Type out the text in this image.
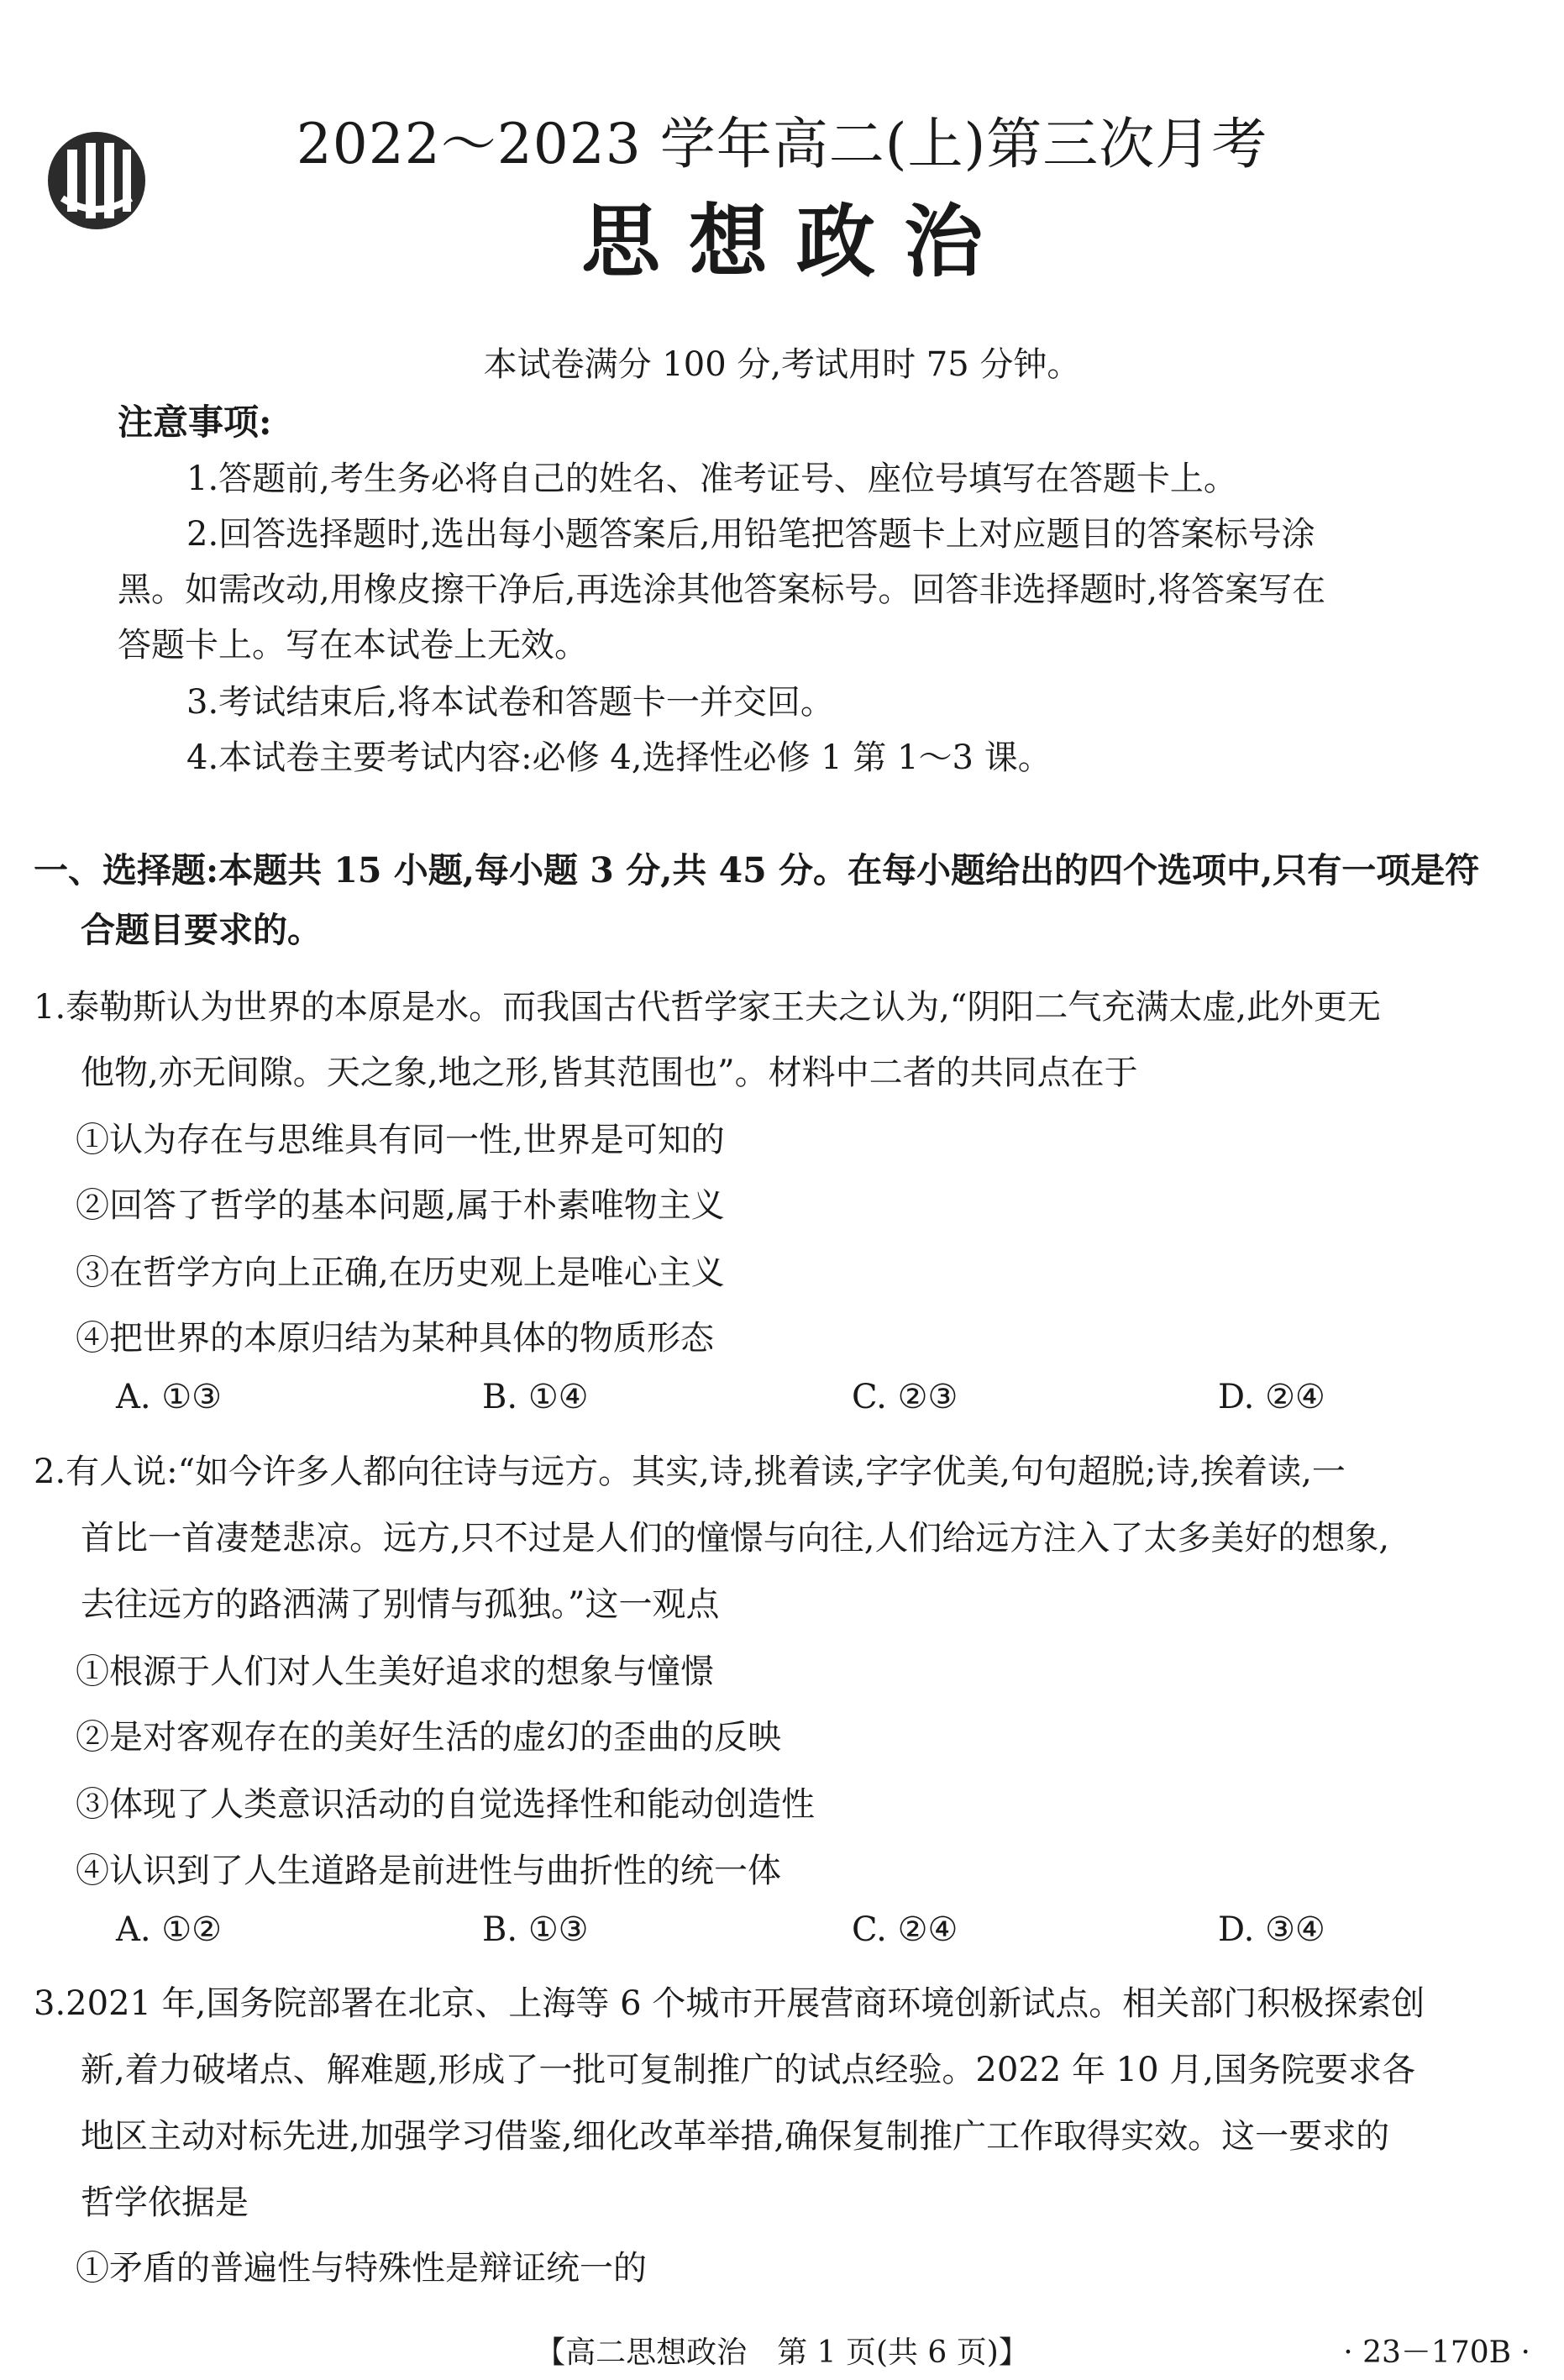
2022～2023 学年高二(上)第三次月考
思想政治
本试卷满分 100 分,考试用时 75 分钟。
注意事项:
1.答题前,考生务必将自己的姓名、准考证号、座位号填写在答题卡上。
2.回答选择题时,选出每小题答案后,用铅笔把答题卡上对应题目的答案标号涂
黑。如需改动,用橡皮擦干净后,再选涂其他答案标号。回答非选择题时,将答案写在
答题卡上。写在本试卷上无效。
3.考试结束后,将本试卷和答题卡一并交回。
4.本试卷主要考试内容:必修 4,选择性必修 1 第 1～3 课。
一、选择题:本题共 15 小题,每小题 3 分,共 45 分。在每小题给出的四个选项中,只有一项是符
合题目要求的。
1.泰勒斯认为世界的本原是水。而我国古代哲学家王夫之认为,“阴阳二气充满太虚,此外更无
他物,亦无间隙。天之象,地之形,皆其范围也”。材料中二者的共同点在于
①认为存在与思维具有同一性,世界是可知的
②回答了哲学的基本问题,属于朴素唯物主义
③在哲学方向上正确,在历史观上是唯心主义
④把世界的本原归结为某种具体的物质形态
A. ①③	B. ①④	C. ②③	D. ②④
2.有人说:“如今许多人都向往诗与远方。其实,诗,挑着读,字字优美,句句超脱;诗,挨着读,一
首比一首凄楚悲凉。远方,只不过是人们的憧憬与向往,人们给远方注入了太多美好的想象,
去往远方的路洒满了别情与孤独。”这一观点
①根源于人们对人生美好追求的想象与憧憬
②是对客观存在的美好生活的虚幻的歪曲的反映
③体现了人类意识活动的自觉选择性和能动创造性
④认识到了人生道路是前进性与曲折性的统一体
A. ①②	B. ①③	C. ②④	D. ③④
3.2021 年,国务院部署在北京、上海等 6 个城市开展营商环境创新试点。相关部门积极探索创
新,着力破堵点、解难题,形成了一批可复制推广的试点经验。2022 年 10 月,国务院要求各
地区主动对标先进,加强学习借鉴,细化改革举措,确保复制推广工作取得实效。这一要求的
哲学依据是
①矛盾的普遍性与特殊性是辩证统一的
【高二思想政治　第 1 页(共 6 页)】	· 23－170B ·
